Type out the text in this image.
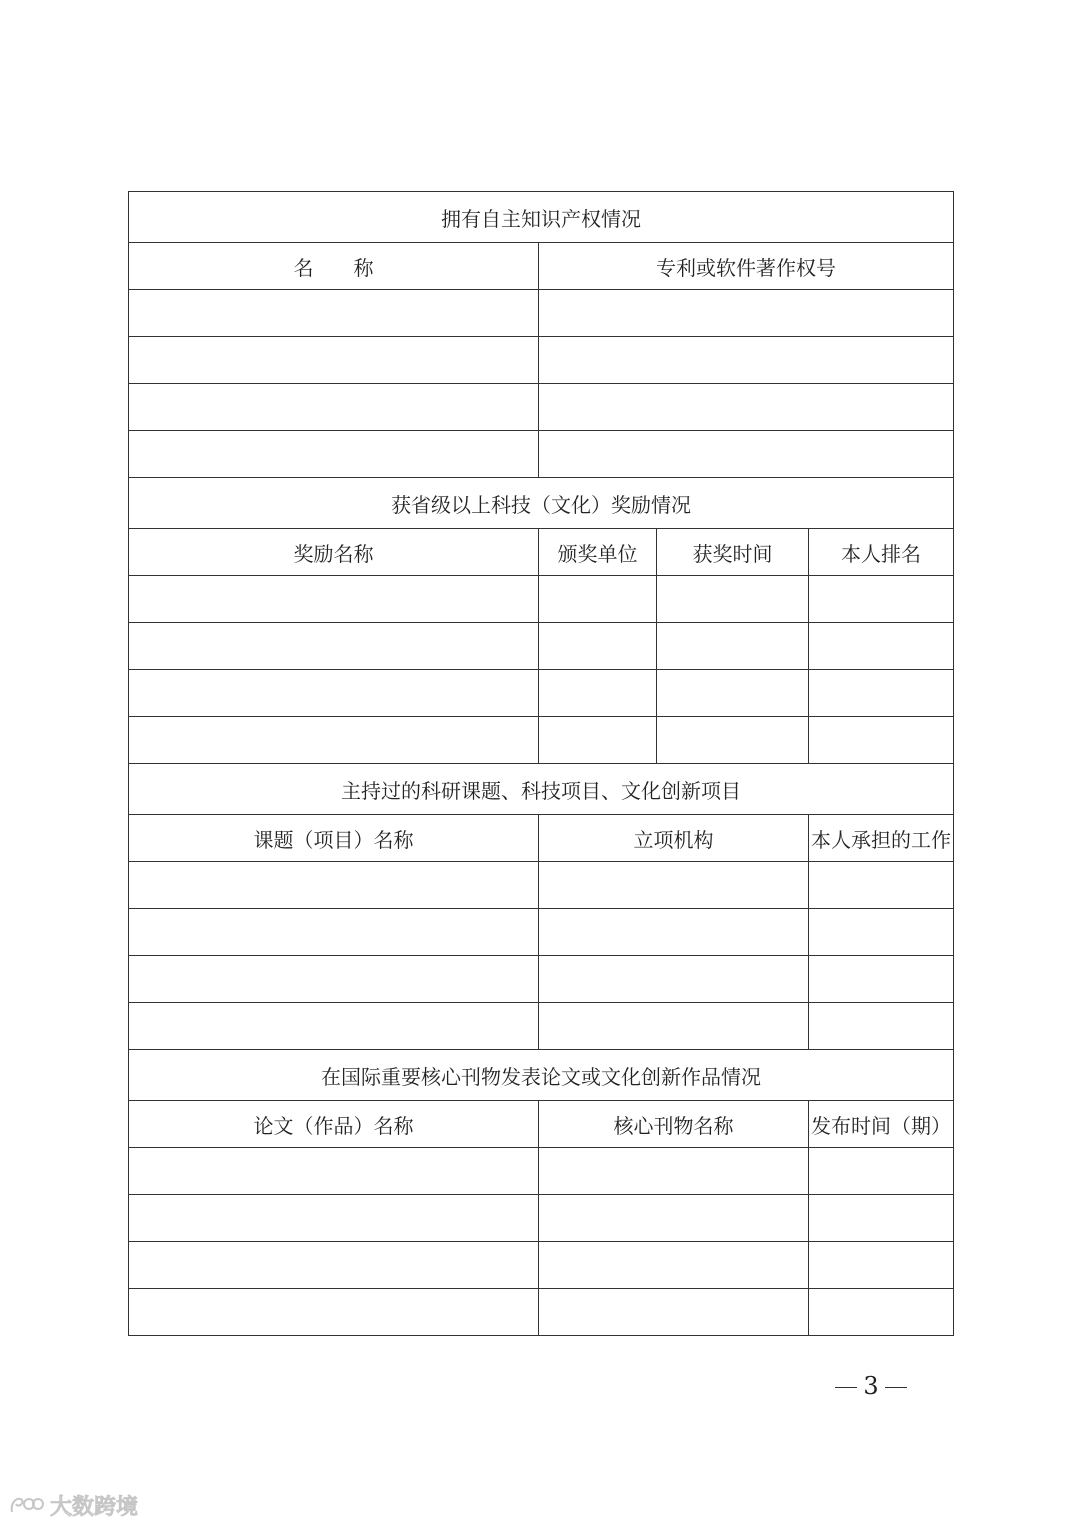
拥有自主知识产权情况			
名　　称	专利或软件著作权号		

获省级以上科技（文化）奖励情况			
奖励名称	颁奖单位	获奖时间	本人排名

主持过的科研课题、科技项目、文化创新项目			
课题（项目）名称	立项机构		本人承担的工作

在国际重要核心刊物发表论文或文化创新作品情况			
论文（作品）名称	核心刊物名称		发布时间（期）

3
大数跨境
